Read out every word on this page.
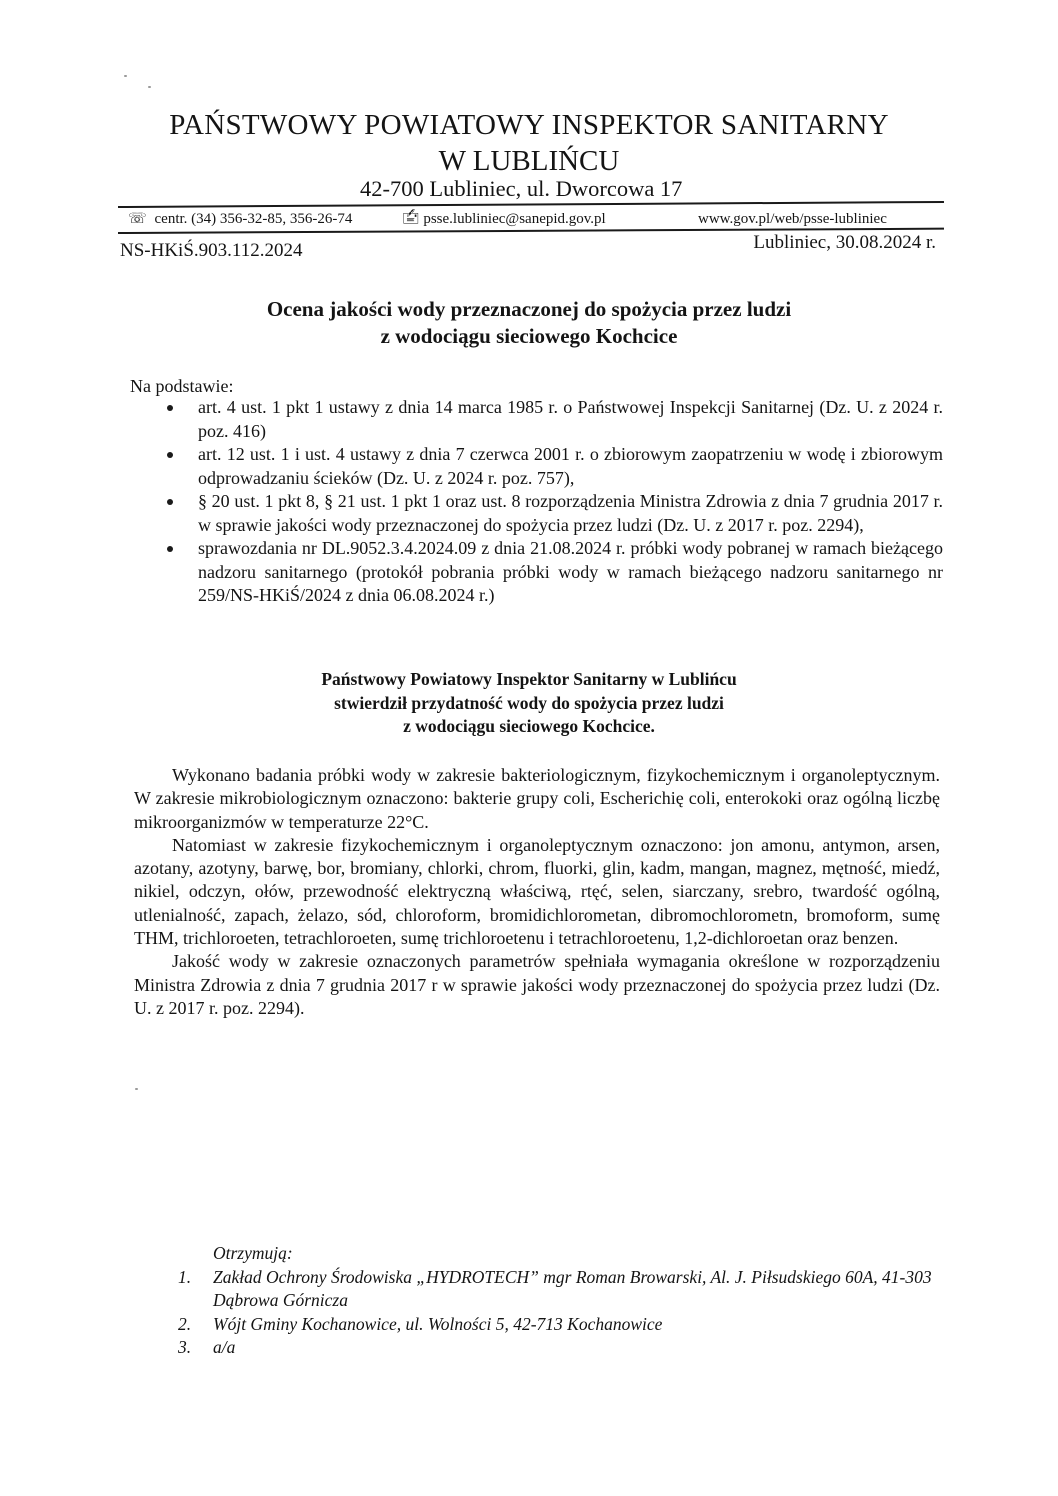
PAŃSTWOWY POWIATOWY INSPEKTOR SANITARNY
W LUBLIŃCU
42-700 Lubliniec, ul. Dworcowa 17
☏ centr. (34) 356-32-85, 356-26-74	🖆 psse.lubliniec@sanepid.gov.pl	www.gov.pl/web/psse-lubliniec
NS-HKiŚ.903.112.2024	Lubliniec, 30.08.2024 r.
Ocena jakości wody przeznaczonej do spożycia przez ludzi
z wodociągu sieciowego Kochcice
Na podstawie:
art. 4 ust. 1 pkt 1 ustawy z dnia 14 marca 1985 r. o Państwowej Inspekcji Sanitarnej (Dz. U. z 2024 r. poz. 416)
art. 12 ust. 1 i ust. 4 ustawy z dnia 7 czerwca 2001 r. o zbiorowym zaopatrzeniu w wodę i zbiorowym odprowadzaniu ścieków (Dz. U. z 2024 r. poz. 757),
§ 20 ust. 1 pkt 8, § 21 ust. 1 pkt 1 oraz ust. 8 rozporządzenia Ministra Zdrowia z dnia 7 grudnia 2017 r. w sprawie jakości wody przeznaczonej do spożycia przez ludzi (Dz. U. z 2017 r. poz. 2294),
sprawozdania nr DL.9052.3.4.2024.09 z dnia 21.08.2024 r. próbki wody pobranej w ramach bieżącego nadzoru sanitarnego (protokół pobrania próbki wody w ramach bieżącego nadzoru sanitarnego nr 259/NS-HKiŚ/2024 z dnia 06.08.2024 r.)
Państwowy Powiatowy Inspektor Sanitarny w Lublińcu
stwierdził przydatność wody do spożycia przez ludzi
z wodociągu sieciowego Kochcice.

Wykonano badania próbki wody w zakresie bakteriologicznym, fizykochemicznym i organoleptycznym. W zakresie mikrobiologicznym oznaczono: bakterie grupy coli, Escherichię coli, enterokoki oraz ogólną liczbę mikroorganizmów w temperaturze 22°C.

Natomiast w zakresie fizykochemicznym i organoleptycznym oznaczono: jon amonu, antymon, arsen, azotany, azotyny, barwę, bor, bromiany, chlorki, chrom, fluorki, glin, kadm, mangan, magnez, mętność, miedź, nikiel, odczyn, ołów, przewodność elektryczną właściwą, rtęć, selen, siarczany, srebro, twardość ogólną, utlenialność, zapach, żelazo, sód, chloroform, bromidichlorometan, dibromochlorometn, bromoform, sumę THM, trichloroeten, tetrachloroeten, sumę trichloroetenu i tetrachloroetenu, 1,2-dichloroetan oraz benzen.

Jakość wody w zakresie oznaczonych parametrów spełniała wymagania określone w rozporządzeniu Ministra Zdrowia z dnia 7 grudnia 2017 r w sprawie jakości wody przeznaczonej do spożycia przez ludzi (Dz. U. z 2017 r. poz. 2294).

Otrzymują:
1. Zakład Ochrony Środowiska „HYDROTECH” mgr Roman Browarski, Al. J. Piłsudskiego 60A, 41-303 Dąbrowa Górnicza
2. Wójt Gminy Kochanowice, ul. Wolności 5, 42-713 Kochanowice
3. a/a
